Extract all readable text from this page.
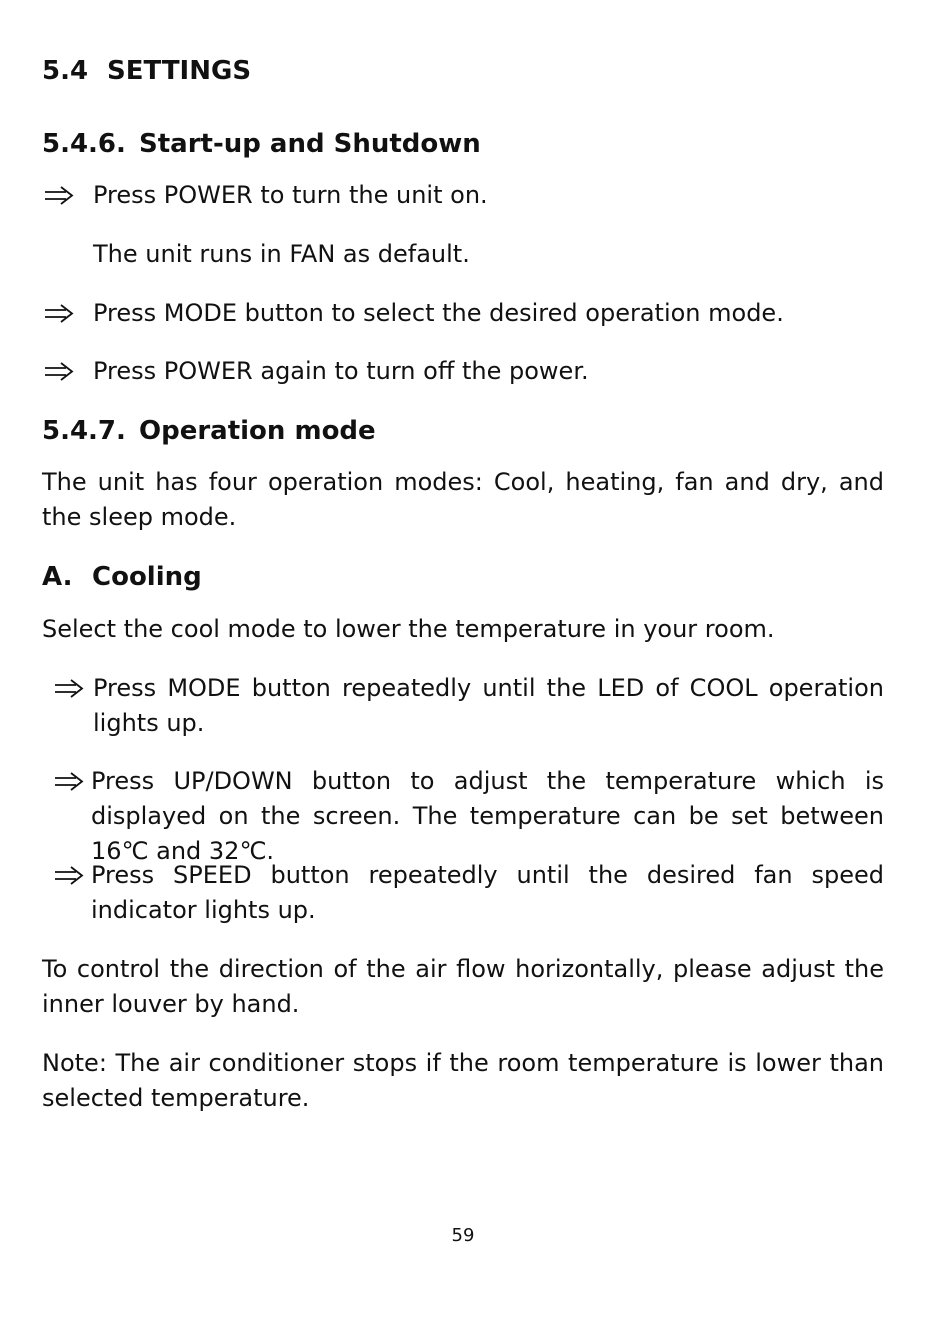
5.4 SETTINGS
5.4.6. Start-up and Shutdown
Press POWER to turn the unit on.
The unit runs in FAN as default.
Press MODE button to select the desired operation mode.
Press POWER again to turn off the power.
5.4.7. Operation mode
The unit has four operation modes: Cool, heating, fan and dry, and the sleep mode.
A. Cooling
Select the cool mode to lower the temperature in your room.
Press MODE button repeatedly until the LED of COOL operation lights up.
Press UP/DOWN button to adjust the temperature which is displayed on the screen. The temperature can be set between 16℃ and 32℃.
Press SPEED button repeatedly until the desired fan speed indicator lights up.
To control the direction of the air flow horizontally, please adjust the inner louver by hand.
Note: The air conditioner stops if the room temperature is lower than selected temperature.
59
